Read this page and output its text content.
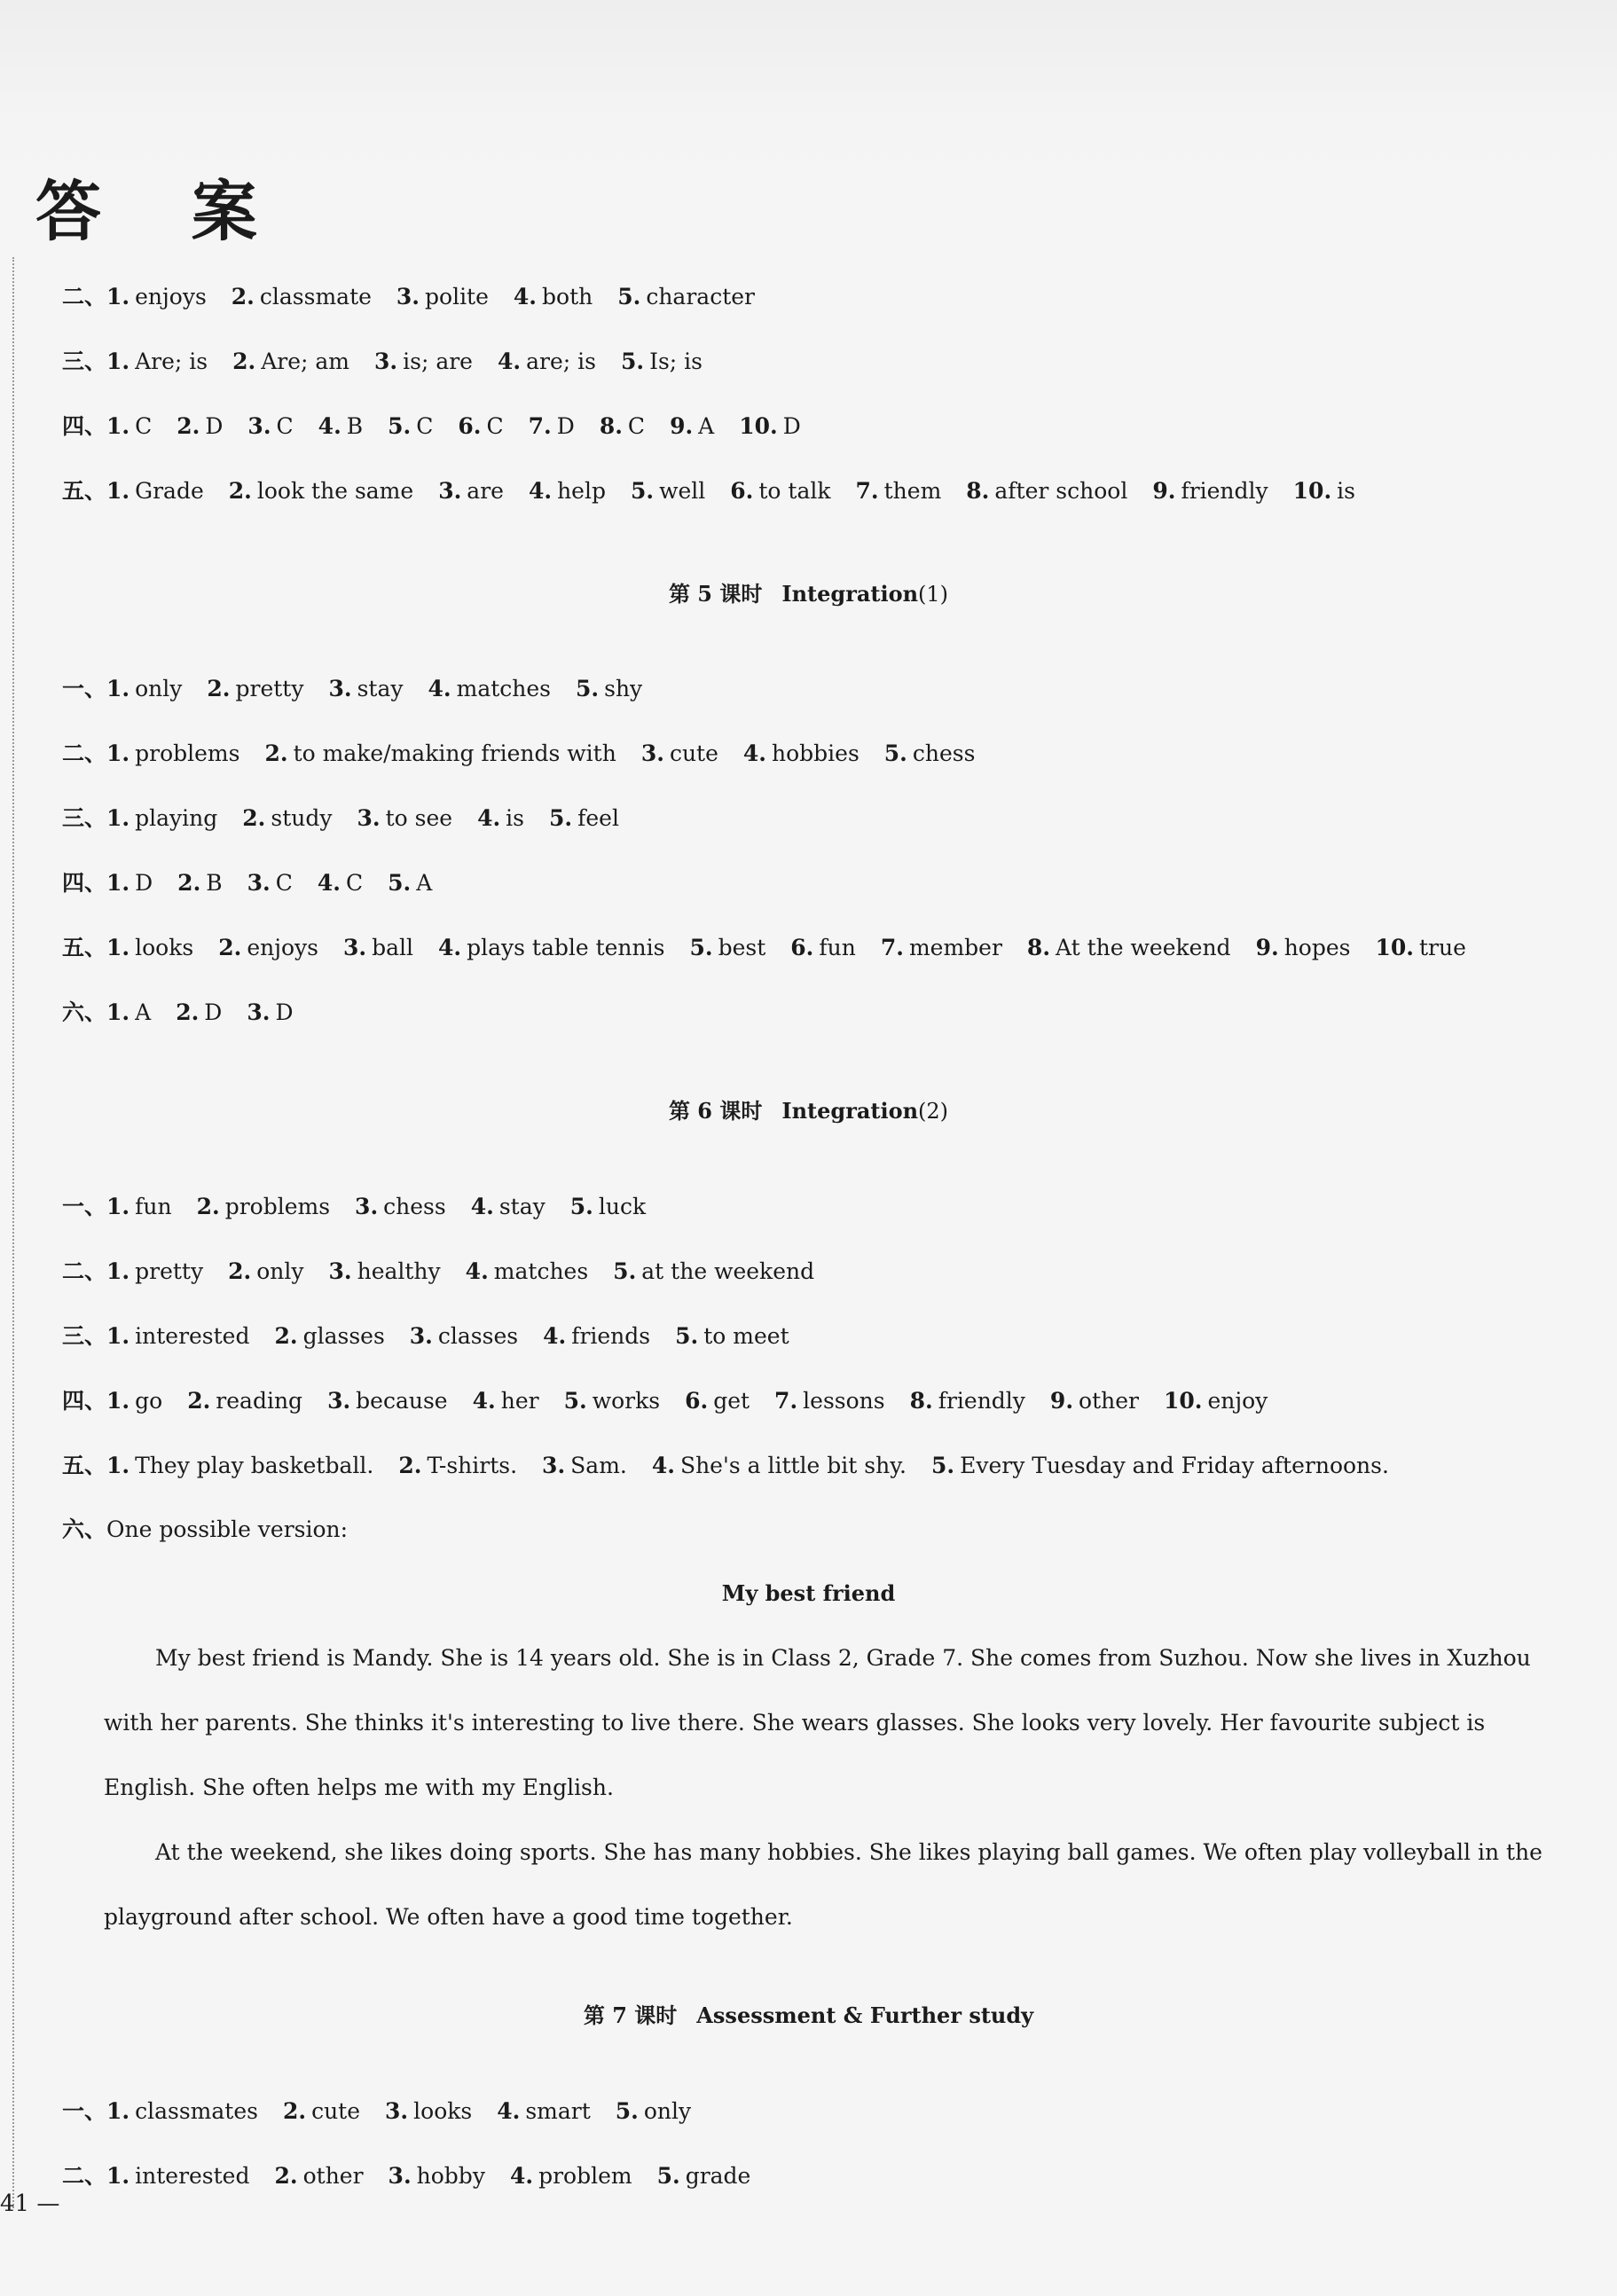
答 案
二、1. enjoys 2. classmate 3. polite 4. both 5. character
三、1. Are; is 2. Are; am 3. is; are 4. are; is 5. Is; is
四、1. C 2. D 3. C 4. B 5. C 6. C 7. D 8. C 9. A 10. D
五、1. Grade 2. look the same 3. are 4. help 5. well 6. to talk 7. them 8. after school 9. friendly 10. is
第 5 课时 Integration(1)
一、1. only 2. pretty 3. stay 4. matches 5. shy
二、1. problems 2. to make/making friends with 3. cute 4. hobbies 5. chess
三、1. playing 2. study 3. to see 4. is 5. feel
四、1. D 2. B 3. C 4. C 5. A
五、1. looks 2. enjoys 3. ball 4. plays table tennis 5. best 6. fun 7. member 8. At the weekend 9. hopes 10. true
六、1. A 2. D 3. D
第 6 课时 Integration(2)
一、1. fun 2. problems 3. chess 4. stay 5. luck
二、1. pretty 2. only 3. healthy 4. matches 5. at the weekend
三、1. interested 2. glasses 3. classes 4. friends 5. to meet
四、1. go 2. reading 3. because 4. her 5. works 6. get 7. lessons 8. friendly 9. other 10. enjoy
五、1. They play basketball. 2. T-shirts. 3. Sam. 4. She's a little bit shy. 5. Every Tuesday and Friday afternoons.
六、One possible version:
My best friend
My best friend is Mandy. She is 14 years old. She is in Class 2, Grade 7. She comes from Suzhou. Now she lives in Xuzhou
with her parents. She thinks it's interesting to live there. She wears glasses. She looks very lovely. Her favourite subject is
English. She often helps me with my English.
At the weekend, she likes doing sports. She has many hobbies. She likes playing ball games. We often play volleyball in the
playground after school. We often have a good time together.
第 7 课时 Assessment & Further study
一、1. classmates 2. cute 3. looks 4. smart 5. only
二、1. interested 2. other 3. hobby 4. problem 5. grade
41 —
